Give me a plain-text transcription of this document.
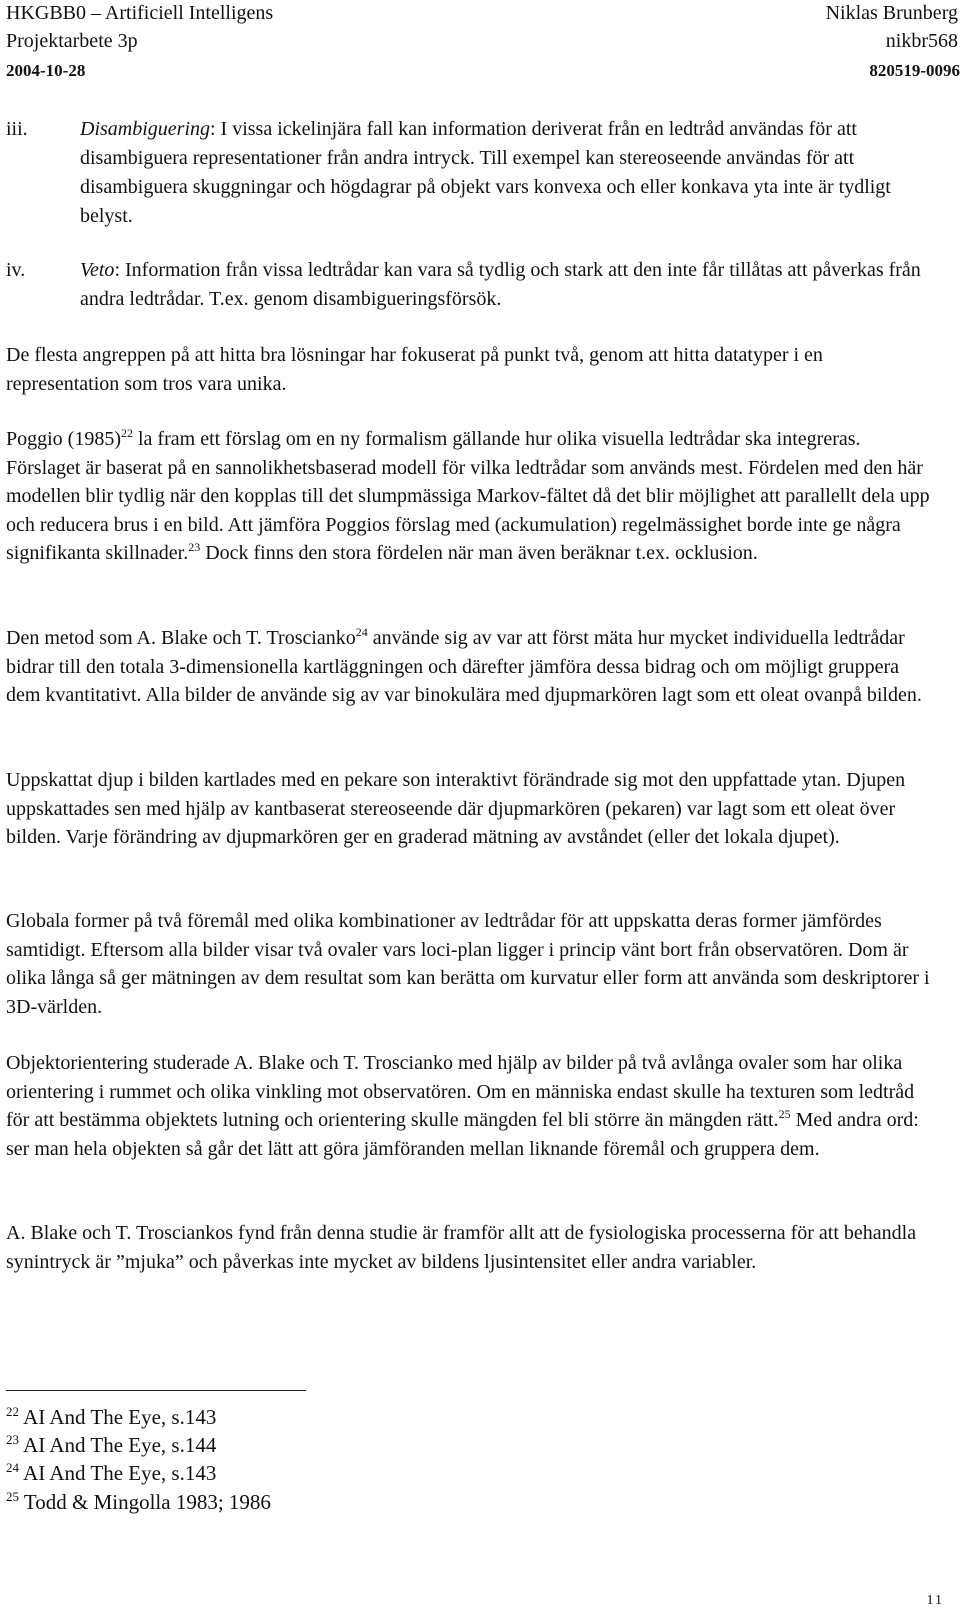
HKGBB0 – Artificiell Intelligens	Niklas Brunberg
Projektarbete 3p	nikbr568
2004-10-28	820519-0096
iii.	Disambiguering: I vissa ickelinjära fall kan information deriverat från en ledtråd användas för att disambiguera representationer från andra intryck. Till exempel kan stereoseende användas för att disambiguera skuggningar och högdagrar på objekt vars konvexa och eller konkava yta inte är tydligt belyst.
iv.	Veto: Information från vissa ledtrådar kan vara så tydlig och stark att den inte får tillåtas att påverkas från andra ledtrådar. T.ex. genom disambigueringsförsök.
De flesta angreppen på att hitta bra lösningar har fokuserat på punkt två, genom att hitta datatyper i en representation som tros vara unika.
Poggio $(1985)^{22}$ la fram ett förslag om en ny formalism gällande hur olika visuella ledtrådar ska integreras. Förslaget är baserat på en sannolikhetsbaserad modell för vilka ledtrådar som används mest. Fördelen med den här modellen blir tydlig när den kopplas till det slumpmässiga Markov-fältet då det blir möjlighet att parallellt dela upp och reducera brus i en bild. Att jämföra Poggios förslag med (ackumulation) regelmässighet borde inte ge några signifikanta skillnader.$^{23}$ Dock finns den stora fördelen när man även beräknar t.ex. ocklusion.
Den metod som A. Blake och T. Troscianko$^{24}$ använde sig av var att först mäta hur mycket individuella ledtrådar bidrar till den totala 3-dimensionella kartläggningen och därefter jämföra dessa bidrag och om möjligt gruppera dem kvantitativt. Alla bilder de använde sig av var binokulära med djupmarkören lagt som ett oleat ovanpå bilden.
Uppskattat djup i bilden kartlades med en pekare son interaktivt förändrade sig mot den uppfattade ytan. Djupen uppskattades sen med hjälp av kantbaserat stereoseende där djupmarkören (pekaren) var lagt som ett oleat över bilden. Varje förändring av djupmarkören ger en graderad mätning av avståndet (eller det lokala djupet).
Globala former på två föremål med olika kombinationer av ledtrådar för att uppskatta deras former jämfördes samtidigt. Eftersom alla bilder visar två ovaler vars loci-plan ligger i princip vänt bort från observatören. Dom är olika långa så ger mätningen av dem resultat som kan berätta om kurvatur eller form att använda som deskriptorer i 3D-världen.
Objektorientering studerade A. Blake och T. Troscianko med hjälp av bilder på två avlånga ovaler som har olika orientering i rummet och olika vinkling mot observatören. Om en människa endast skulle ha texturen som ledtråd för att bestämma objektets lutning och orientering skulle mängden fel bli större än mängden rätt.$^{25}$ Med andra ord: ser man hela objekten så går det lätt att göra jämföranden mellan liknande föremål och gruppera dem.
A. Blake och T. Trosciankos fynd från denna studie är framför allt att de fysiologiska processerna för att behandla synintryck är ”mjuka” och påverkas inte mycket av bildens ljusintensitet eller andra variabler.
$^{22}$ AI And The Eye, s.143
$^{23}$ AI And The Eye, s.144
$^{24}$ AI And The Eye, s.143
$^{25}$ Todd & Mingolla 1983; 1986
11
